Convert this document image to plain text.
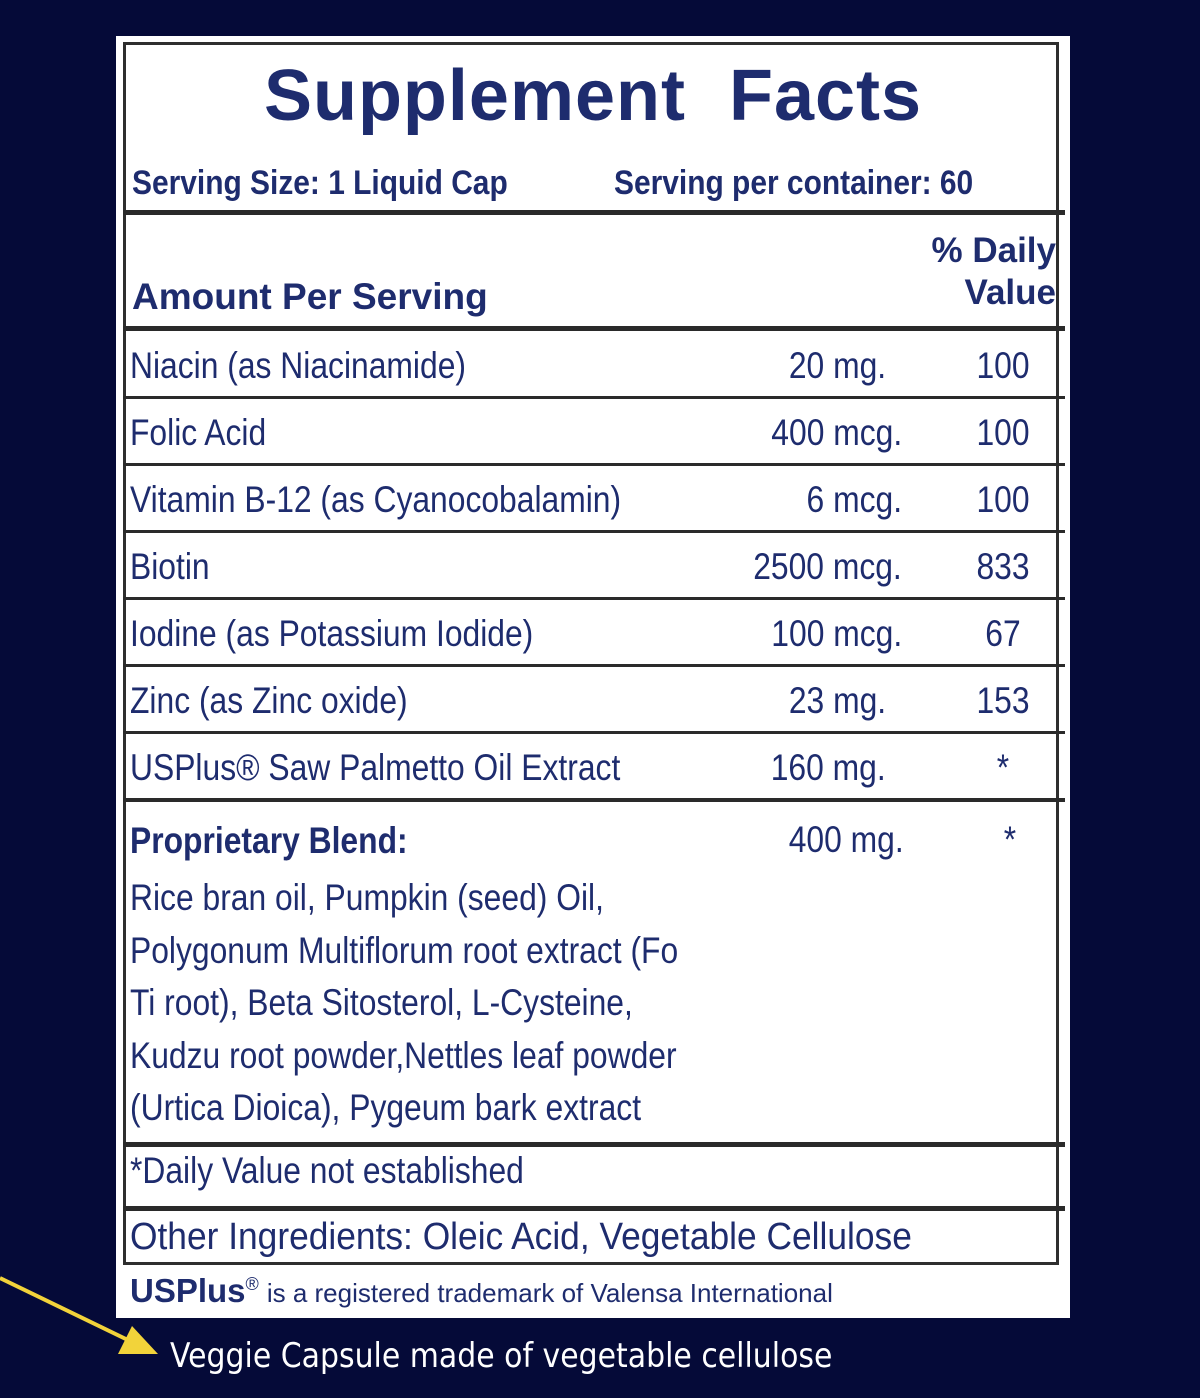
Supplement Facts
Serving Size: 1 Liquid Cap	Serving per container: 60
% Daily
Value
Amount Per Serving
Niacin (as Niacinamide)	20 mg.	100
Folic Acid	400 mcg.	100
Vitamin B-12 (as Cyanocobalamin)	6 mcg.	100
Biotin	2500 mcg.	833
Iodine (as Potassium Iodide)	100 mcg.	67
Zinc (as Zinc oxide)	23 mg.	153
USPlus® Saw Palmetto Oil Extract	160 mg.	*
Proprietary Blend:	400 mg.	*
Rice bran oil, Pumpkin (seed) Oil,
Polygonum Multiflorum root extract (Fo
Ti root), Beta Sitosterol, L-Cysteine,
Kudzu root powder,Nettles leaf powder
(Urtica Dioica), Pygeum bark extract
*Daily Value not established
Other Ingredients: Oleic Acid, Vegetable Cellulose
USPlus® is a registered trademark of Valensa International
Veggie Capsule made of vegetable cellulose
